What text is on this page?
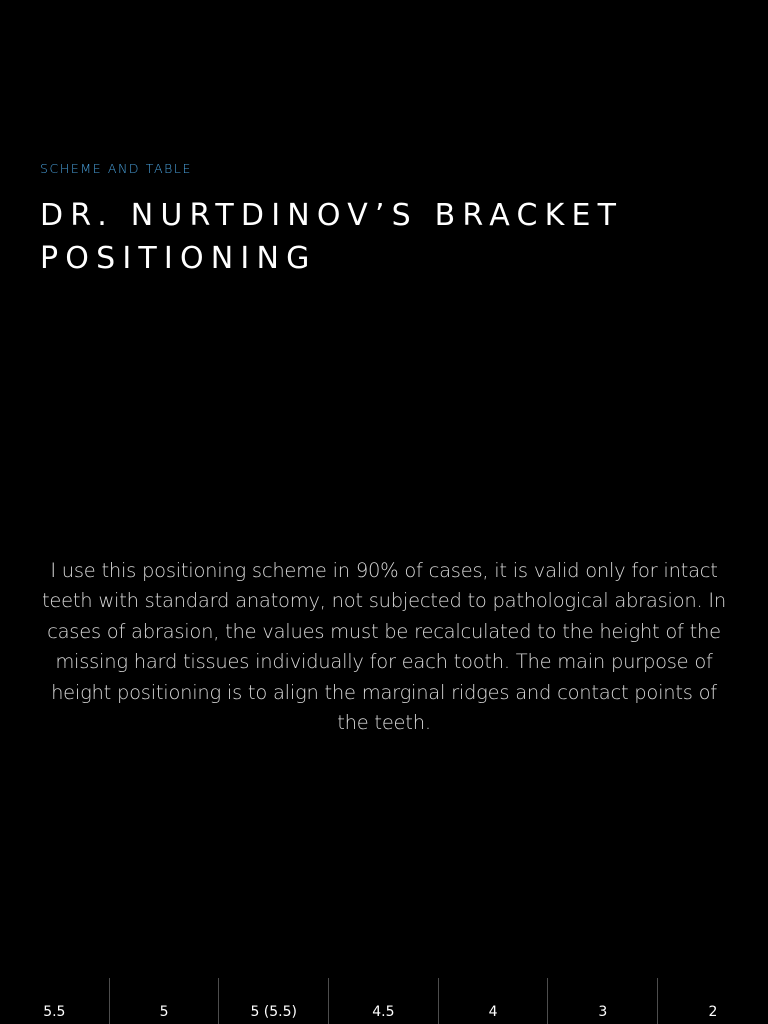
SCHEME AND TABLE
DR. NURTDINOV’S BRACKET POSITIONING

I use this positioning scheme in 90% of cases, it is valid only for intact teeth with standard anatomy, not subjected to pathological abrasion. In cases of abrasion, the values must be recalculated to the height of the missing hard tissues individually for each tooth. The main purpose of height positioning is to align the marginal ridges and contact points of the teeth.

5.5	5	5 (5.5)	4.5	4	3	2
